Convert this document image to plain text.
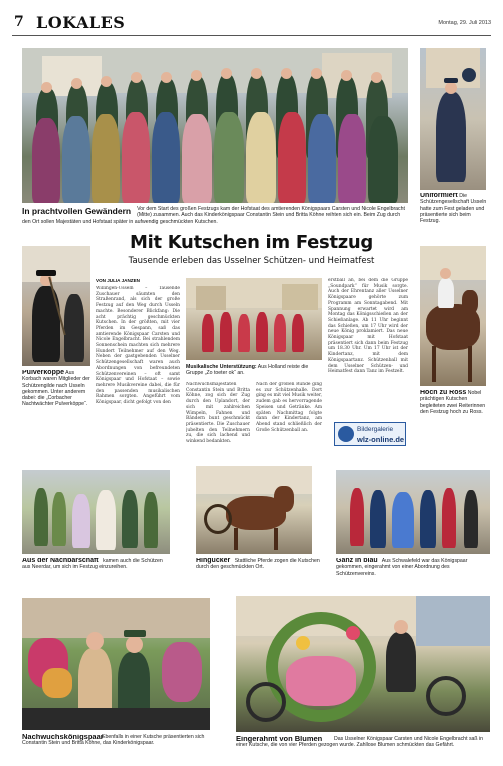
7 LOKALES	Montag, 29. Juli 2013
In prachtvollen Gewändern Vor dem Start des großen Festzugs kam der Hofstaat des amtierenden Königspaars Carsten und Nicole Engelbracht (Mitte) zusammen. Auch das Kinderkönigspaar Constantin Stein und Britta Köhne reihten sich ein. Beim Zug durch den Ort sollen Majestäten und Hofstaat später in aufwendig geschmückten Kutschen.
Uniformiert Die Schützengesellschaft Usseln hatte zum Fest geladen und präsentierte sich beim Festzug.
Mit Kutschen im Festzug
Tausende erleben das Usselner Schützen- und Heimatfest
Pulverköppe Aus Korbach waren Mitglieder der Schützengilde nach Usseln gekommen. Unter anderem dabei: die „Corbacher Nachtwächter Pulverköppe“.
VON JULIA JANZEN
Willingen-Usseln – Tausende Zuschauer säumten den Straßenrand, als sich der große Festzug auf den Weg durch Usseln machte. Besonderer Blickfang: Die acht prächtig geschmückten Kutschen. In der größten, mit vier Pferden im Gespann, saß das amtierende Königspaar Carsten und Nicole Engelbracht. Bei strahlendem Sonnenschein machten sich mehrere Hundert Teilnehmer auf den Weg. Neben der gastgebenden Usselner Schützengesellschaft waren auch Abordnungen von befreundeten Schützenvereinen – oft samt Königspaar und Hofstaat – sowie mehrere Musikvereine dabei, die für den passenden musikalischen Rahmen sorgten. Angeführt vom Königspaar, dicht gefolgt von den
Musikalische Unterstützung: Aus Holland reiste die Gruppe „Zo toeter ok“ an.
Nachwuchsmajestäten Constantin Stein und Britta Köhne, zog sich der Zug durch den Uplandort, der sich mit zahlreichen Wimpeln, Fahnen und Bändern bunt geschmückt präsentierte. Die Zuschauer jubelten den Teilnehmern zu, die sich lachend und winkend bedankten.
Nach der großen Runde ging es zur Schützenhalle. Dort ging es mit viel Musik weiter, zudem gab es hervorragende Speisen und Getränke. Am späten Nachmittag folgte dann der Kindertanz, am Abend stand schließlich der Große Schützenball an.
erstball an, bei dem die Gruppe „Soundpark“ für Musik sorgte. Auch der Ehrentanz aller Usselner Königspaare gehörte zum Programm am Sonntagabend. Mit Spannung erwartet wird am Montag das Königsschießen an der Schießanlage. Ab 11 Uhr beginnt das Schießen, um 17 Uhr wird der neue König proklamiert. Das neue Königspaar mit Hofstaat präsentiert sich dann beim Festzug um 18.30 Uhr. Um 17 Uhr ist der Kindertanz, mit dem Königspaartanz. Schützenball mit dem Usselner Schützen- und Heimatfest dann Tanz im Festzelt.
Bildergalerie
wlz-online.de
Hoch zu Ross Nobel prächtigen Kutschen begleiteten zwei Reiterinnen den Festzug hoch zu Ross.
Aus der Nachbarschaft kamen auch die Schützen aus Neerdar, um sich im Festzug einzureihen.
Hingucker Stattliche Pferde zogen die Kutschen durch den geschmückten Ort.
Ganz in blau Aus Schwalefeld war das Königspaar gekommen, eingerahmt von einer Abordnung des Schützenvereins.
Nachwuchskönigspaar
Ebenfalls in einer Kutsche präsentierten sich Constantin Stein und Britta Köhne, das Kinderkönigspaar.
Eingerahmt von Blumen	Das Usselner Königspaar Carsten und Nicole Engelbracht saß in einer Kutsche, die von vier Pferden gezogen wurde. Zahllose Blumen schmückten das Gefährt.
